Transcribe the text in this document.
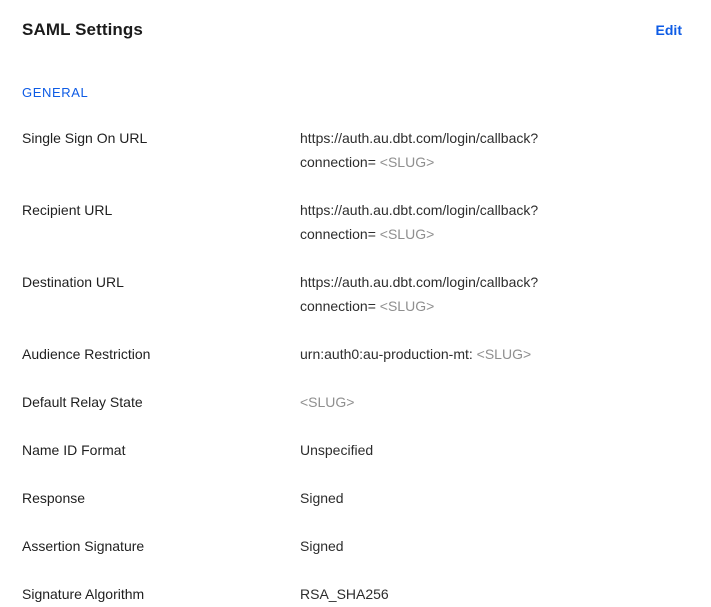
SAML Settings	Edit
GENERAL
Single Sign On URL	https://auth.au.dbt.com/login/callback?
connection= <SLUG>
Recipient URL	https://auth.au.dbt.com/login/callback?
connection= <SLUG>
Destination URL	https://auth.au.dbt.com/login/callback?
connection= <SLUG>
Audience Restriction	urn:auth0:au-production-mt: <SLUG>
Default Relay State	<SLUG>
Name ID Format	Unspecified
Response	Signed
Assertion Signature	Signed
Signature Algorithm	RSA_SHA256
